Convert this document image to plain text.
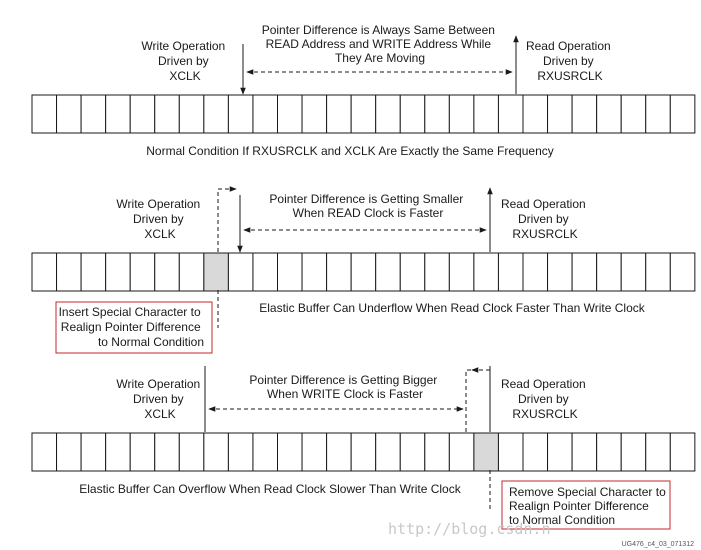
Write Operation Driven by XCLK
Pointer Difference is Always Same Between READ Address and WRITE Address While They Are Moving
Read Operation Driven by RXUSRCLK
Normal Condition If RXUSRCLK and XCLK Are Exactly the Same Frequency
Write Operation Driven by XCLK
Pointer Difference is Getting Smaller When READ Clock is Faster
Read Operation Driven by RXUSRCLK
Insert Special Character to Realign Pointer Difference to Normal Condition
Elastic Buffer Can Underflow When Read Clock Faster Than Write Clock
Write Operation Driven by XCLK
Pointer Difference is Getting Bigger When WRITE Clock is Faster
Read Operation Driven by RXUSRCLK
Elastic Buffer Can Overflow When Read Clock Slower Than Write Clock	Remove Special Character to Realign Pointer Difference to Normal Condition
http://blog.csdn.n
UG476_c4_03_071312
